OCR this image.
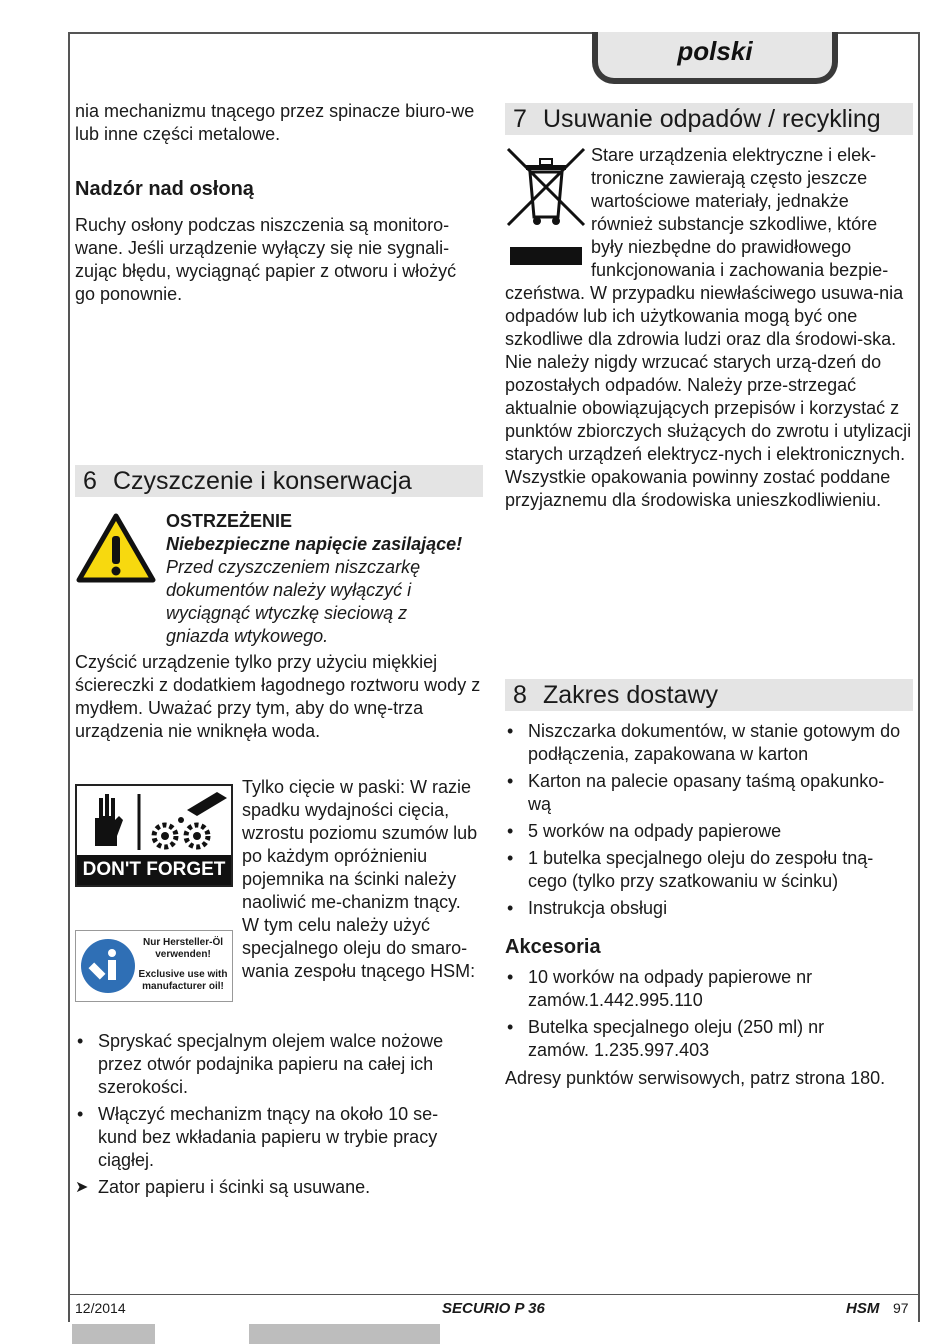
polski
nia mechanizmu tnącego przez spinacze biuro-we lub inne części metalowe.
Nadzór nad osłoną
Ruchy osłony podczas niszczenia są monitoro-wane. Jeśli urządzenie wyłączy się nie sygnali-zując błędu, wyciągnąć papier z otworu i włożyć go ponownie.
6 Czyszczenie i konserwacja
OSTRZEŻENIE
Niebezpieczne napięcie zasilające!
Przed czyszczeniem niszczarkę dokumentów należy wyłączyć i wyciągnąć wtyczkę sieciową z gniazda wtykowego.
Czyścić urządzenie tylko przy użyciu miękkiej ściereczki z dodatkiem łagodnego roztworu wody z mydłem. Uważać przy tym, aby do wnę-trza urządzenia nie wniknęła woda.
DON'T FORGET
Nur Hersteller-Öl verwenden!
Exclusive use with manufacturer oil!
Tylko cięcie w paski: W razie spadku wydajności cięcia, wzrostu poziomu szumów lub po każdym opróżnieniu pojemnika na ścinki należy naoliwić me-chanizm tnący. W tym celu należy użyć specjalnego oleju do smaro-wania zespołu tnącego HSM:
• Spryskać specjalnym olejem walce nożowe przez otwór podajnika papieru na całej ich szerokości.
• Włączyć mechanizm tnący na około 10 se-kund bez wkładania papieru w trybie pracy ciągłej.
➤ Zator papieru i ścinki są usuwane.
7 Usuwanie odpadów / recykling
Stare urządzenia elektryczne i elek-troniczne zawierają często jeszcze wartościowe materiały, jednakże również substancje szkodliwe, które były niezbędne do prawidłowego funkcjonowania i zachowania bezpie-
czeństwa. W przypadku niewłaściwego usuwa-nia odpadów lub ich użytkowania mogą być one szkodliwe dla zdrowia ludzi oraz dla środowi-ska. Nie należy nigdy wrzucać starych urzą-dzeń do pozostałych odpadów. Należy prze-strzegać aktualnie obowiązujących przepisów i korzystać z punktów zbiorczych służących do zwrotu i utylizacji starych urządzeń elektrycz-nych i elektronicznych. Wszystkie opakowania powinny zostać poddane przyjaznemu dla środowiska unieszkodliwieniu.
8 Zakres dostawy
• Niszczarka dokumentów, w stanie gotowym do podłączenia, zapakowana w karton
• Karton na palecie opasany taśmą opakunko-wą
• 5 worków na odpady papierowe
• 1 butelka specjalnego oleju do zespołu tną-cego (tylko przy szatkowaniu w ścinku)
• Instrukcja obsługi
Akcesoria
• 10 worków na odpady papierowe nr zamów.1.442.995.110
• Butelka specjalnego oleju (250 ml) nr zamów. 1.235.997.403
Adresy punktów serwisowych, patrz strona 180.
12/2014	SECURIO P 36	HSM 97
